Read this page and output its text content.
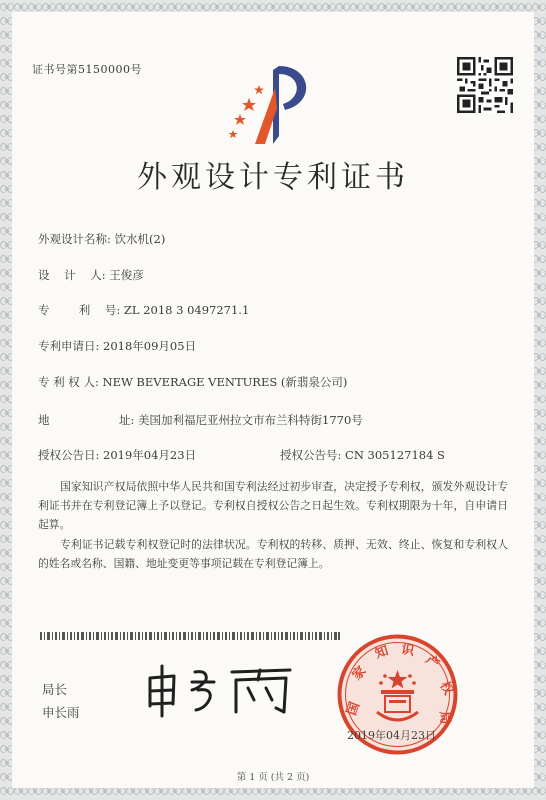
证书号第5150000号
外观设计专利证书
外观设计名称: 饮水机(2)
设    计    人: 王俊彦
专        利    号: ZL 2018 3 0497271.1
专利申请日: 2018年09月05日
专 利 权 人: NEW BEVERAGE VENTURES (新翡泉公司)
地                   址: 美国加利福尼亚州拉文市布兰科特街1770号
授权公告日: 2019年04月23日	授权公告号: CN 305127184 S
国家知识产权局依照中华人民共和国专利法经过初步审查，决定授予专利权，颁发外观设计专利证书并在专利登记簿上予以登记。专利权自授权公告之日起生效。专利权期限为十年，自申请日起算。
专利证书记载专利权登记时的法律状况。专利权的转移、质押、无效、终止、恢复和专利权人的姓名或名称、国籍、地址变更等事项记载在专利登记簿上。
局长
申长雨	国
家
知 识
产
权
局
2019年04月23日
第 1 页 (共 2 页)
